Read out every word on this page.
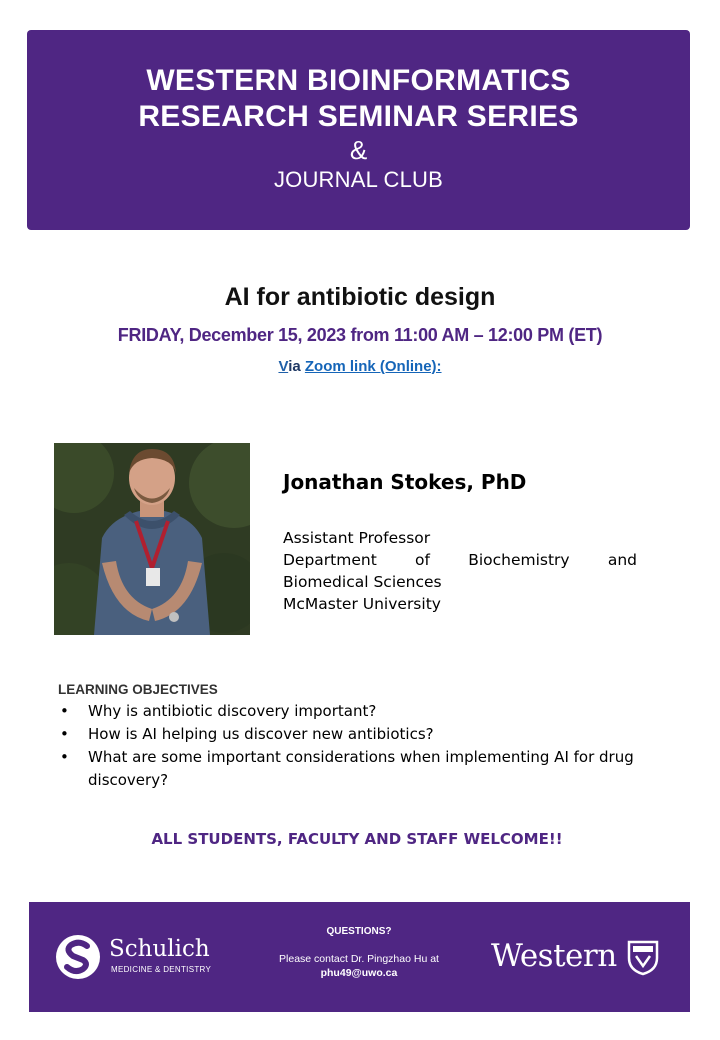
WESTERN BIOINFORMATICS
RESEARCH SEMINAR SERIES
&
JOURNAL CLUB
AI for antibiotic design
FRIDAY, December 15, 2023 from 11:00 AM – 12:00 PM (ET)
Via Zoom link (Online):
Jonathan Stokes, PhD
Assistant Professor
Department of Biochemistry and
Biomedical Sciences
McMaster University
LEARNING OBJECTIVES
• Why is antibiotic discovery important?
• How is AI helping us discover new antibiotics?
• What are some important considerations when implementing AI for drug discovery?
ALL STUDENTS, FACULTY AND STAFF WELCOME!!
Schulich
MEDICINE & DENTISTRY
QUESTIONS?
Please contact Dr. Pingzhao Hu at
phu49@uwo.ca	Western
